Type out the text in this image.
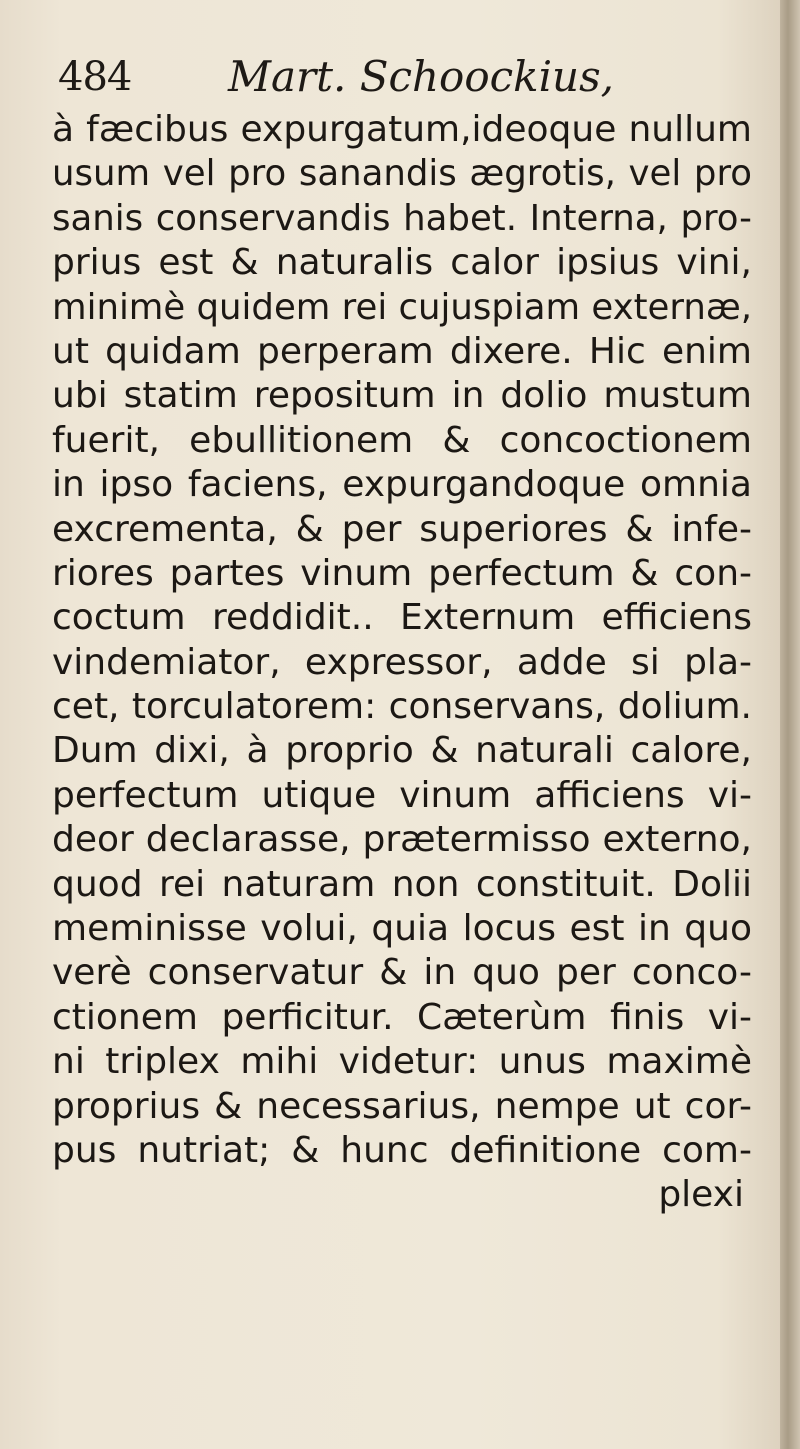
484 Mart. Schoockius,
à fæcibus expurgatum,ideoque nullum
usum vel pro sanandis ægrotis, vel pro
sanis conservandis habet. Interna, pro-
prius est & naturalis calor ipsius vini,
minimè quidem rei cujuspiam externæ,
ut quidam perperam dixere. Hic enim
ubi statim repositum in dolio mustum
fuerit, ebullitionem & concoctionem
in ipso faciens, expurgandoque omnia
excrementa, & per superiores & infe-
riores partes vinum perfectum & con-
coctum reddidit.. Externum efficiens
vindemiator, expressor, adde si pla-
cet, torculatorem: conservans, dolium.
Dum dixi, à proprio & naturali calore,
perfectum utique vinum afficiens vi-
deor declarasse, prætermisso externo,
quod rei naturam non constituit. Dolii
meminisse volui, quia locus est in quo
verè conservatur & in quo per conco-
ctionem perficitur. Cæterùm finis vi-
ni triplex mihi videtur: unus maximè
proprius & necessarius, nempe ut cor-
pus nutriat; & hunc definitione com-
plexi
